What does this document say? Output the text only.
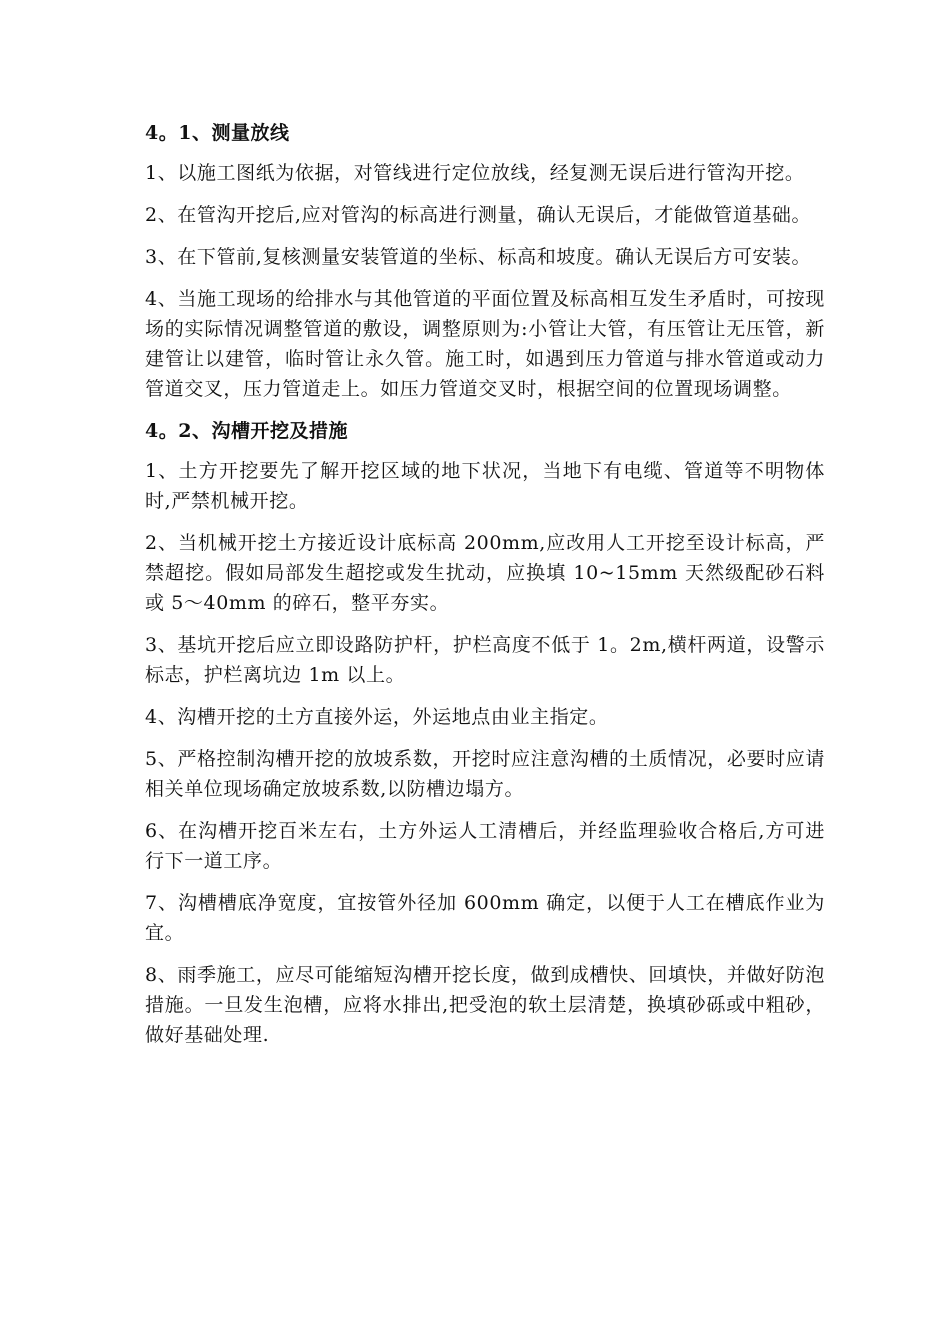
4。1、测量放线

1、以施工图纸为依据，对管线进行定位放线，经复测无误后进行管沟开挖。

2、在管沟开挖后,应对管沟的标高进行测量，确认无误后，才能做管道基础。

3、在下管前,复核测量安装管道的坐标、标高和坡度。确认无误后方可安装。

4、当施工现场的给排水与其他管道的平面位置及标高相互发生矛盾时，可按现场的实际情况调整管道的敷设，调整原则为:小管让大管，有压管让无压管，新建管让以建管，临时管让永久管。施工时，如遇到压力管道与排水管道或动力管道交叉，压力管道走上。如压力管道交叉时，根据空间的位置现场调整。

4。2、沟槽开挖及措施

1、土方开挖要先了解开挖区域的地下状况，当地下有电缆、管道等不明物体时,严禁机械开挖。

2、当机械开挖土方接近设计底标高 200mm,应改用人工开挖至设计标高，严禁超挖。假如局部发生超挖或发生扰动，应换填 10~15mm 天然级配砂石料或 5～40mm 的碎石，整平夯实。

3、基坑开挖后应立即设路防护杆，护栏高度不低于 1。2m,横杆两道，设警示标志，护栏离坑边 1m 以上。

4、沟槽开挖的土方直接外运，外运地点由业主指定。

5、严格控制沟槽开挖的放坡系数，开挖时应注意沟槽的土质情况，必要时应请相关单位现场确定放坡系数,以防槽边塌方。

6、在沟槽开挖百米左右，土方外运人工清槽后，并经监理验收合格后,方可进行下一道工序。

7、沟槽槽底净宽度，宜按管外径加 600mm 确定，以便于人工在槽底作业为宜。

8、雨季施工，应尽可能缩短沟槽开挖长度，做到成槽快、回填快，并做好防泡措施。一旦发生泡槽，应将水排出,把受泡的软土层清楚，换填砂砾或中粗砂，做好基础处理.
